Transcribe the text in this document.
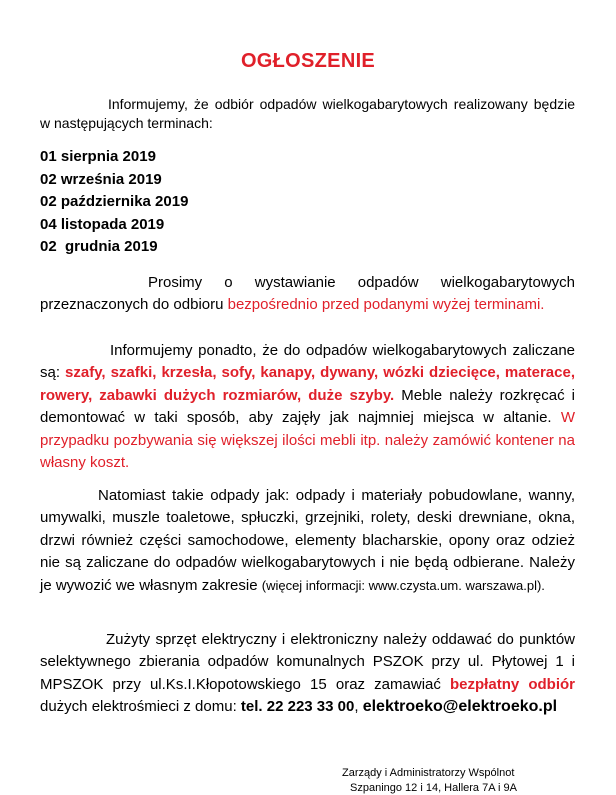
OGŁOSZENIE
Informujemy, że odbiór odpadów wielkogabarytowych realizowany będzie w następujących terminach:
01 sierpnia 2019
02 września 2019
02 października 2019
04 listopada 2019
02  grudnia 2019
Prosimy o wystawianie odpadów wielkogabarytowych przeznaczonych do odbioru bezpośrednio przed podanymi wyżej terminami.
Informujemy ponadto, że do odpadów wielkogabarytowych zaliczane są: szafy, szafki, krzesła, sofy, kanapy, dywany, wózki dziecięce, materace, rowery, zabawki dużych rozmiarów, duże szyby. Meble należy rozkręcać i demontować w taki sposób, aby zajęły jak najmniej miejsca w altanie. W przypadku pozbywania się większej ilości mebli itp. należy zamówić kontener na własny koszt.
Natomiast takie odpady jak: odpady i materiały pobudowlane, wanny, umywalki, muszle toaletowe, spłuczki, grzejniki, rolety, deski drewniane, okna, drzwi również części samochodowe, elementy blacharskie, opony oraz odzież nie są zaliczane do odpadów wielkogabarytowych i nie będą odbierane. Należy je wywozić we własnym zakresie (więcej informacji: www.czysta.um. warszawa.pl).
Zużyty sprzęt elektryczny i elektroniczny należy oddawać do punktów selektywnego zbierania odpadów komunalnych PSZOK przy ul. Płytowej 1 i MPSZOK przy ul.Ks.I.Kłopotowskiego 15 oraz zamawiać bezpłatny odbiór dużych elektrośmieci z domu: tel. 22 223 33 00, elektroeko@elektroeko.pl
Zarządy i Administratorzy Wspólnot
Szpaningo 12 i 14, Hallera 7A i 9A
